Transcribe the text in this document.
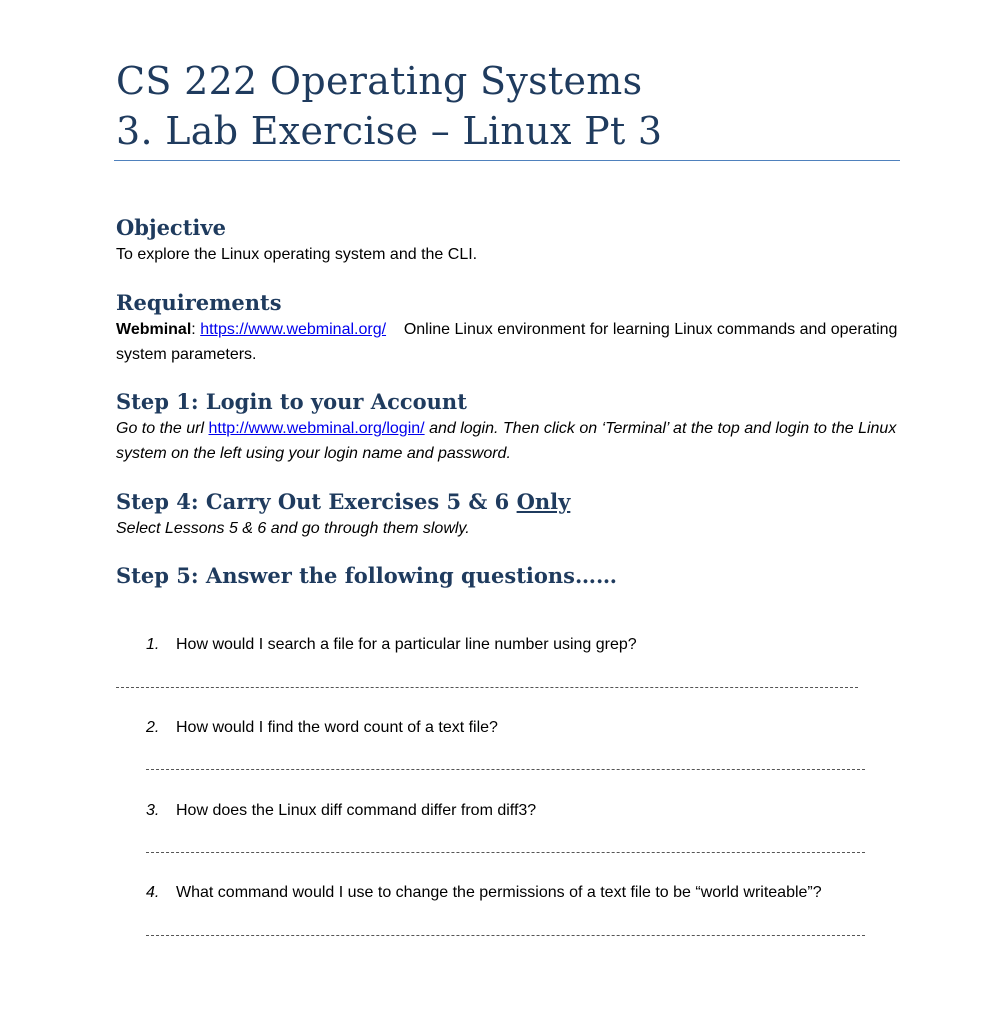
CS 222 Operating Systems
3. Lab Exercise – Linux Pt 3
Objective
To explore the Linux operating system and the CLI.
Requirements
Webminal: https://www.webminal.org/ Online Linux environment for learning Linux commands and operating system parameters.
Step 1: Login to your Account
Go to the url http://www.webminal.org/login/ and login. Then click on ‘Terminal’ at the top and login to the Linux system on the left using your login name and password.
Step 4: Carry Out Exercises 5 & 6 Only
Select Lessons 5 & 6 and go through them slowly.
Step 5: Answer the following questions……
1. How would I search a file for a particular line number using grep?
2. How would I find the word count of a text file?
3. How does the Linux diff command differ from diff3?
4. What command would I use to change the permissions of a text file to be “world writeable”?
